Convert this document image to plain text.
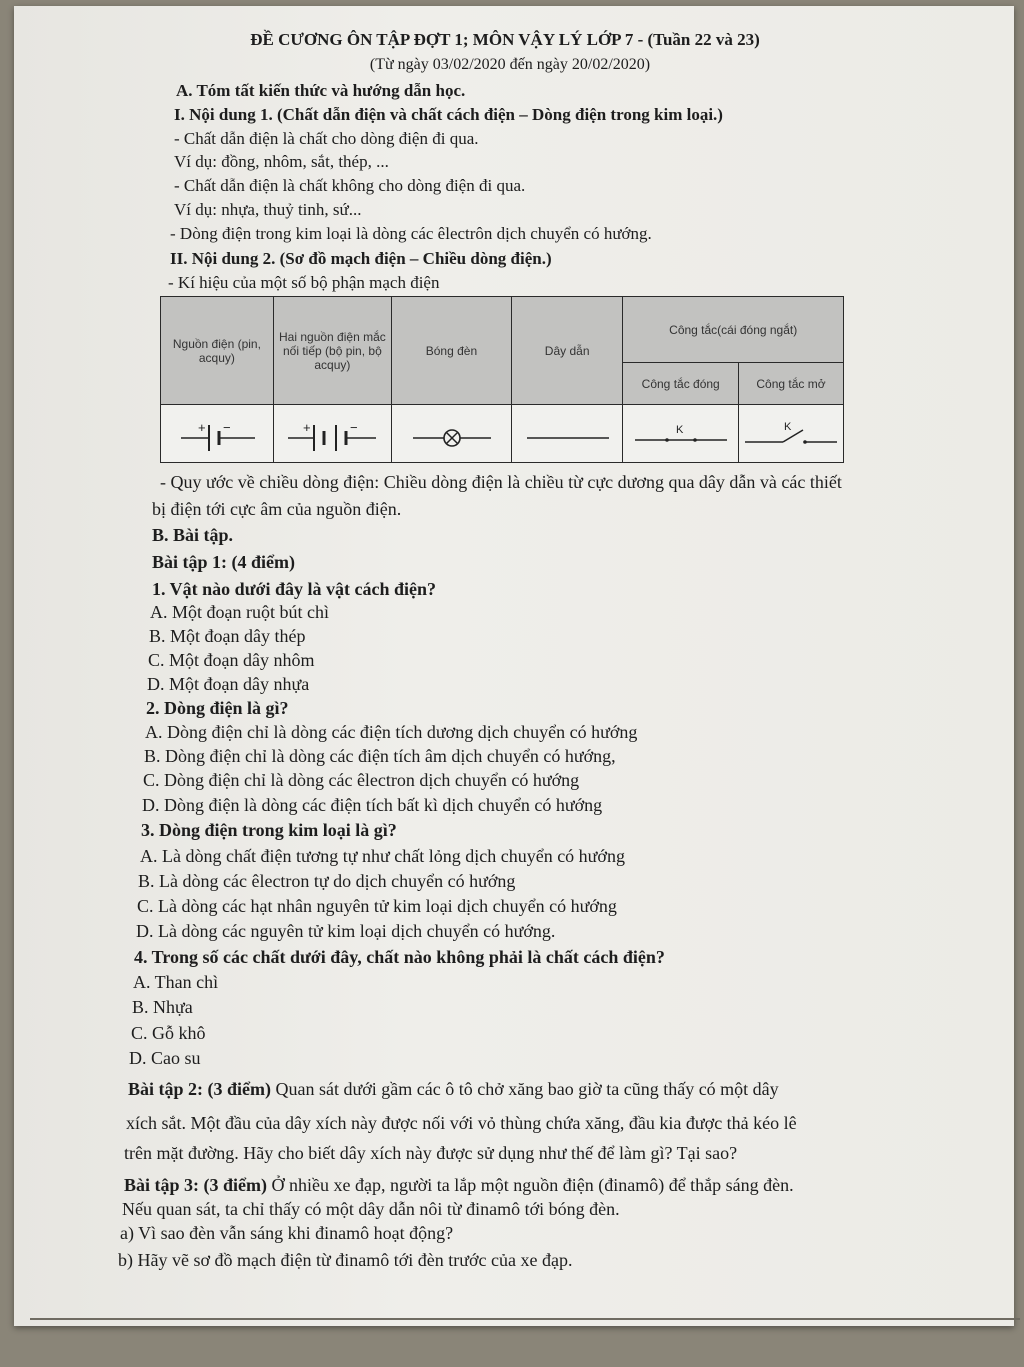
ĐỀ CƯƠNG ÔN TẬP ĐỢT 1; MÔN VẬY LÝ LỚP 7 - (Tuần 22 và 23)
(Từ ngày 03/02/2020 đến ngày 20/02/2020)
A. Tóm tất kiến thức và hướng dẫn học.
I. Nội dung 1. (Chất dẫn điện và chất cách điện – Dòng điện trong kim loại.)
- Chất dẫn điện là chất cho dòng điện đi qua.
Ví dụ: đồng, nhôm, sắt, thép, ...
- Chất dẫn điện là chất không cho dòng điện đi qua.
Ví dụ: nhựa, thuỷ tinh, sứ...
- Dòng điện trong kim loại là dòng các êlectrôn dịch chuyển có hướng.
II. Nội dung 2. (Sơ đồ mạch điện – Chiều dòng điện.)
- Kí hiệu của một số bộ phận mạch điện
Nguồn điện (pin, acquy)	Hai nguồn điện mắc nối tiếp (bộ pin, bộ acquy)	Bóng đèn	Dây dẫn	Công tắc(cái đóng ngắt)	
				Công tắc đóng	Công tắc mở

+ −	+ −			K	K
- Quy ước về chiều dòng điện: Chiều dòng điện là chiều từ cực dương qua dây dẫn và các thiết
bị điện tới cực âm của nguồn điện.
B. Bài tập.
Bài tập 1: (4 điểm)
1. Vật nào dưới đây là vật cách điện?
A. Một đoạn ruột bút chì
B. Một đoạn dây thép
C. Một đoạn dây nhôm
D. Một đoạn dây nhựa
2. Dòng điện là gì?
A. Dòng điện chỉ là dòng các điện tích dương dịch chuyển có hướng
B. Dòng điện chỉ là dòng các điện tích âm dịch chuyển có hướng,
C. Dòng điện chỉ là dòng các êlectron dịch chuyển có hướng
D. Dòng điện là dòng các điện tích bất kì dịch chuyển có hướng
3. Dòng điện trong kim loại là gì?
A. Là dòng chất điện tương tự như chất lỏng dịch chuyển có hướng
B. Là dòng các êlectron tự do dịch chuyển có hướng
C. Là dòng các hạt nhân nguyên tử kim loại dịch chuyển có hướng
D. Là dòng các nguyên tử kim loại dịch chuyển có hướng.
4. Trong số các chất dưới đây, chất nào không phải là chất cách điện?
A. Than chì
B. Nhựa
C. Gỗ khô
D. Cao su
Bài tập 2: (3 điểm) Quan sát dưới gầm các ô tô chở xăng bao giờ ta cũng thấy có một dây
xích sắt. Một đầu của dây xích này được nối với vỏ thùng chứa xăng, đầu kia được thả kéo lê
trên mặt đường. Hãy cho biết dây xích này được sử dụng như thế để làm gì? Tại sao?
Bài tập 3: (3 điểm) Ở nhiều xe đạp, người ta lắp một nguồn điện (đinamô) để thắp sáng đèn.
Nếu quan sát, ta chỉ thấy có một dây dẫn nôi từ đinamô tới bóng đèn.
a) Vì sao đèn vẫn sáng khi đinamô hoạt động?
b) Hãy vẽ sơ đồ mạch điện từ đinamô tới đèn trước của xe đạp.
